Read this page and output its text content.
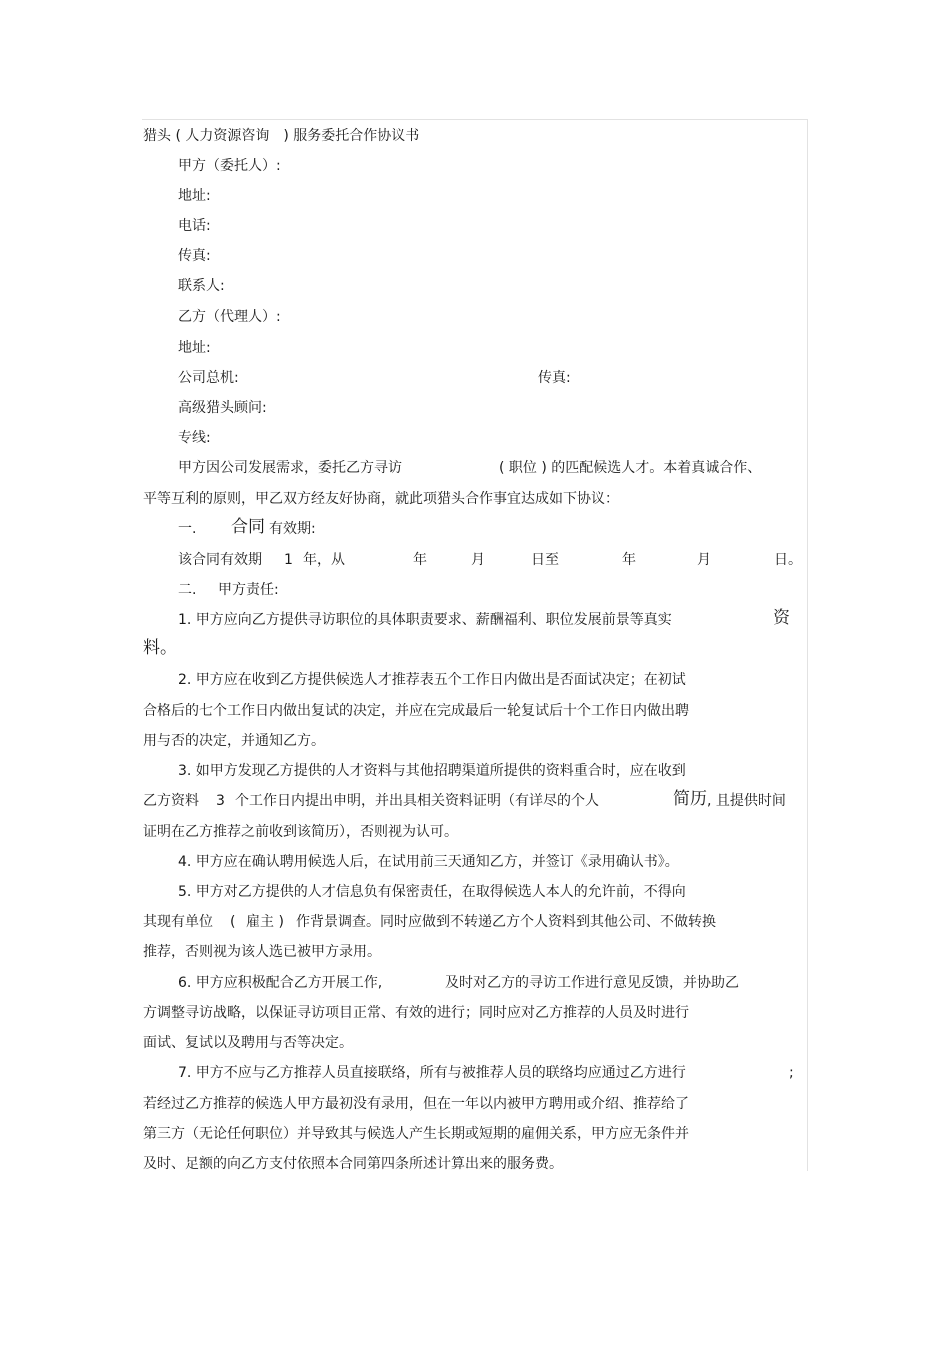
猎头 ( 人力资源咨询　) 服务委托合作协议书
甲方（委托人）:
地址:
电话:
传真:
联系人:
乙方（代理人）:
地址:
公司总机:	传真:
高级猎头顾问:
专线:
甲方因公司发展需求，委托乙方寻访	( 职位 ) 的匹配候选人才。本着真诚合作、
平等互利的原则，甲乙双方经友好协商，就此项猎头合作事宜达成如下协议：
一. 合同 有效期:
该合同有效期 1 年，从	年	月	日至	年	月	日。
二. 甲方责任:
1. 甲方应向乙方提供寻访职位的具体职责要求、薪酬福利、职位发展前景等真实	资
料。
2. 甲方应在收到乙方提供候选人才推荐表五个工作日内做出是否面试决定；在初试
合格后的七个工作日内做出复试的决定，并应在完成最后一轮复试后十个工作日内做出聘
用与否的决定，并通知乙方。
3. 如甲方发现乙方提供的人才资料与其他招聘渠道所提供的资料重合时，应在收到
乙方资料 3 个工作日内提出申明，并出具相关资料证明（有详尽的个人	简历 , 且提供时间
证明在乙方推荐之前收到该简历），否则视为认可。
4. 甲方应在确认聘用候选人后，在试用前三天通知乙方，并签订《录用确认书》。
5. 甲方对乙方提供的人才信息负有保密责任，在取得候选人本人的允许前，不得向
其现有单位 ( 雇主 ) 作背景调查。同时应做到不转递乙方个人资料到其他公司、不做转换
推荐，否则视为该人选已被甲方录用。
6. 甲方应积极配合乙方开展工作,	及时对乙方的寻访工作进行意见反馈，并协助乙
方调整寻访战略，以保证寻访项目正常、有效的进行；同时应对乙方推荐的人员及时进行
面试、复试以及聘用与否等决定。
7. 甲方不应与乙方推荐人员直接联络，所有与被推荐人员的联络均应通过乙方进行	;
若经过乙方推荐的候选人甲方最初没有录用，但在一年以内被甲方聘用或介绍、推荐给了
第三方（无论任何职位）并导致其与候选人产生长期或短期的雇佣关系，甲方应无条件并
及时、足额的向乙方支付依照本合同第四条所述计算出来的服务费。
